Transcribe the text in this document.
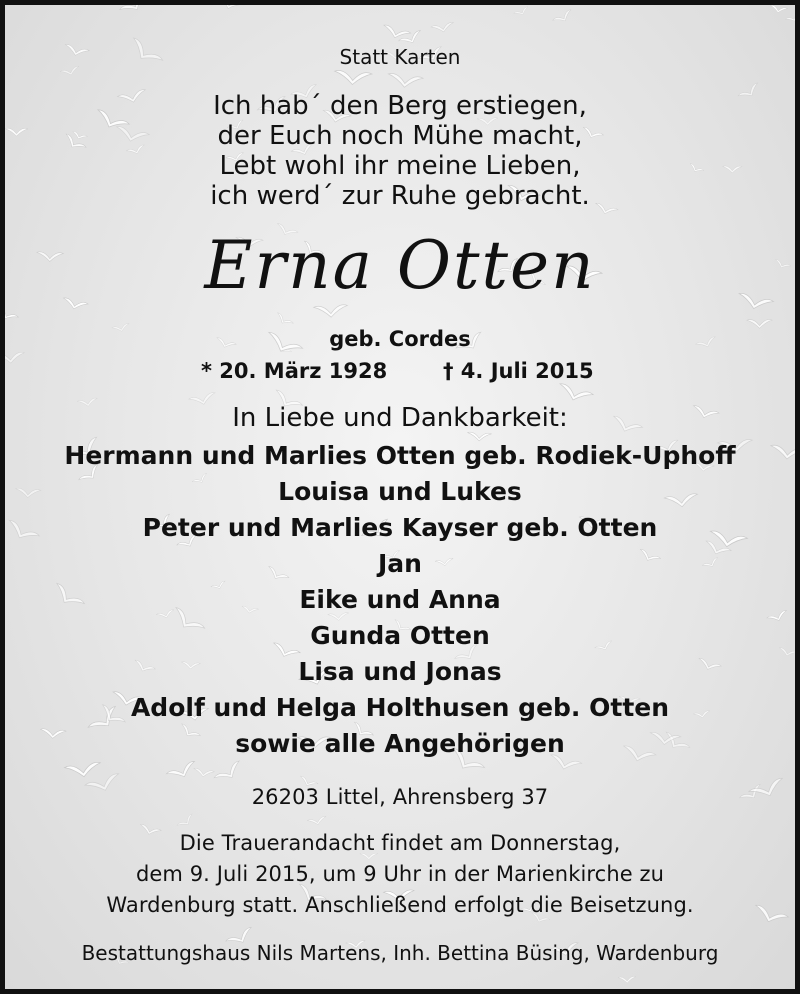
Statt Karten

Ich hab´ den Berg erstiegen,

der Euch noch Mühe macht,

Lebt wohl ihr meine Lieben,

ich werd´ zur Ruhe gebracht.

Erna Otten

geb. Cordes

* 20. März 1928	† 4. Juli 2015

In Liebe und Dankbarkeit:

Hermann und Marlies Otten geb. Rodiek-Uphoff

Louisa und Lukes

Peter und Marlies Kayser geb. Otten

Jan

Eike und Anna

Gunda Otten

Lisa und Jonas

Adolf und Helga Holthusen geb. Otten

sowie alle Angehörigen

26203 Littel, Ahrensberg 37

Die Trauerandacht findet am Donnerstag,

dem 9. Juli 2015, um 9 Uhr in der Marienkirche zu

Wardenburg statt. Anschließend erfolgt die Beisetzung.

Bestattungshaus Nils Martens, Inh. Bettina Büsing, Wardenburg
